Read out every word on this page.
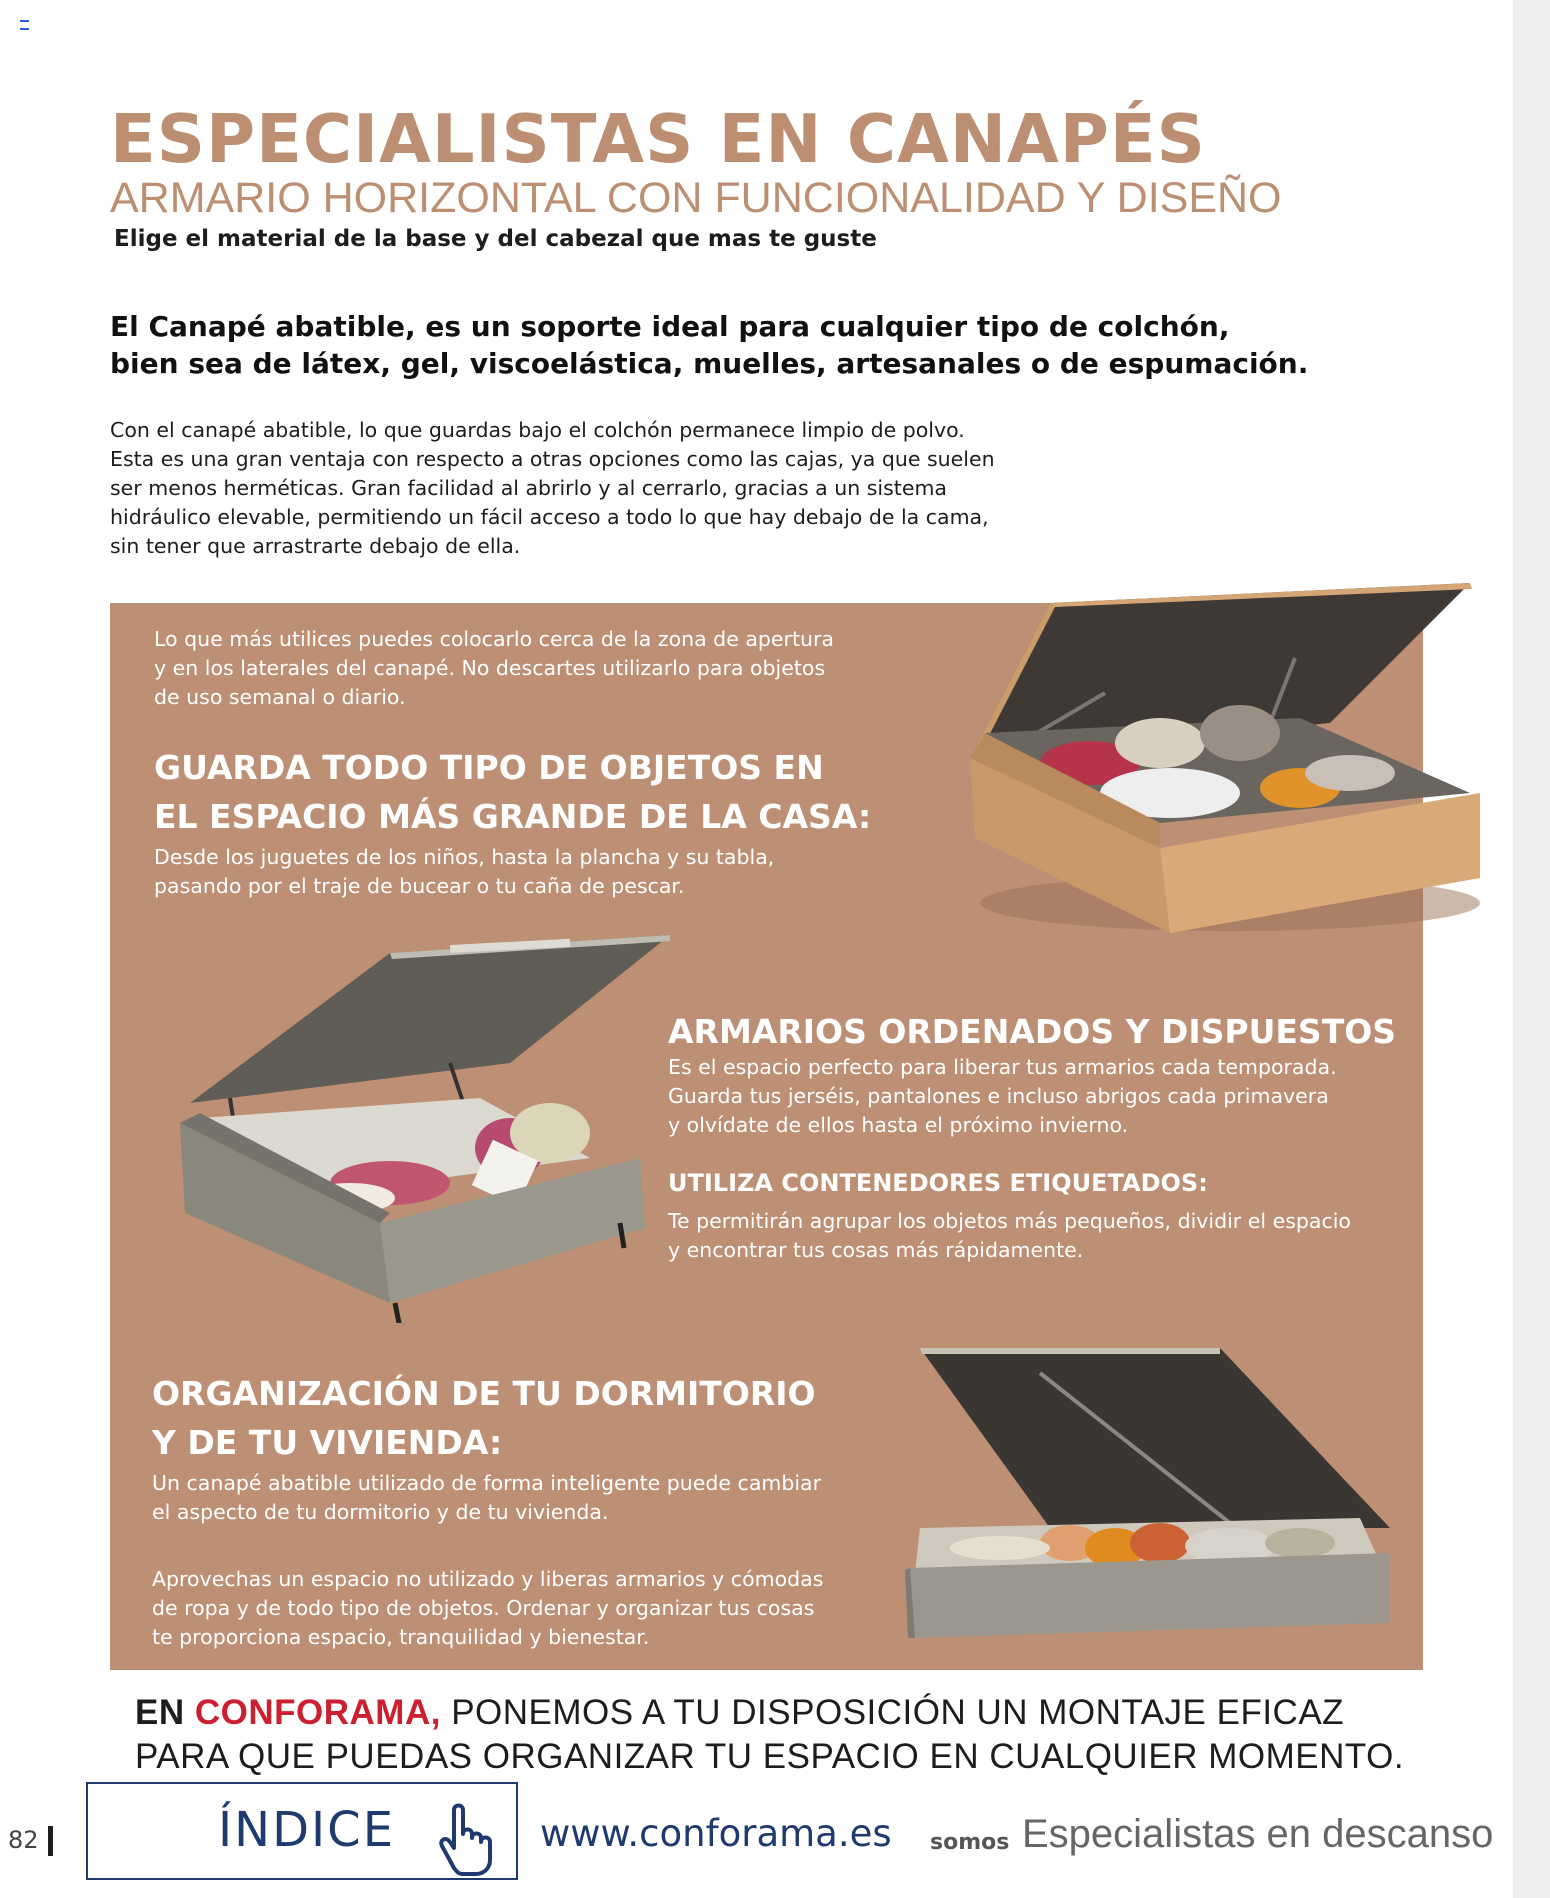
ESPECIALISTAS EN CANAPÉS
ARMARIO HORIZONTAL CON FUNCIONALIDAD Y DISEÑO
Elige el material de la base y del cabezal que mas te guste
El Canapé abatible, es un soporte ideal para cualquier tipo de colchón,
bien sea de látex, gel, viscoelástica, muelles, artesanales o de espumación.
Con el canapé abatible, lo que guardas bajo el colchón permanece limpio de polvo.
Esta es una gran ventaja con respecto a otras opciones como las cajas, ya que suelen
ser menos herméticas. Gran facilidad al abrirlo y al cerrarlo, gracias a un sistema
hidráulico elevable, permitiendo un fácil acceso a todo lo que hay debajo de la cama,
sin tener que arrastrarte debajo de ella.
Lo que más utilices puedes colocarlo cerca de la zona de apertura
y en los laterales del canapé. No descartes utilizarlo para objetos
de uso semanal o diario.
GUARDA TODO TIPO DE OBJETOS EN
EL ESPACIO MÁS GRANDE DE LA CASA:
Desde los juguetes de los niños, hasta la plancha y su tabla,
pasando por el traje de bucear o tu caña de pescar.
ARMARIOS ORDENADOS Y DISPUESTOS
Es el espacio perfecto para liberar tus armarios cada temporada.
Guarda tus jerséis, pantalones e incluso abrigos cada primavera
y olvídate de ellos hasta el próximo invierno.
UTILIZA CONTENEDORES ETIQUETADOS:
Te permitirán agrupar los objetos más pequeños, dividir el espacio
y encontrar tus cosas más rápidamente.
ORGANIZACIÓN DE TU DORMITORIO
Y DE TU VIVIENDA:
Un canapé abatible utilizado de forma inteligente puede cambiar
el aspecto de tu dormitorio y de tu vivienda.
Aprovechas un espacio no utilizado y liberas armarios y cómodas
de ropa y de todo tipo de objetos. Ordenar y organizar tus cosas
te proporciona espacio, tranquilidad y bienestar.
EN CONFORAMA, PONEMOS A TU DISPOSICIÓN UN MONTAJE EFICAZ
PARA QUE PUEDAS ORGANIZAR TU ESPACIO EN CUALQUIER MOMENTO.
82	ÍNDICE	www.conforama.es somos Especialistas en descanso
